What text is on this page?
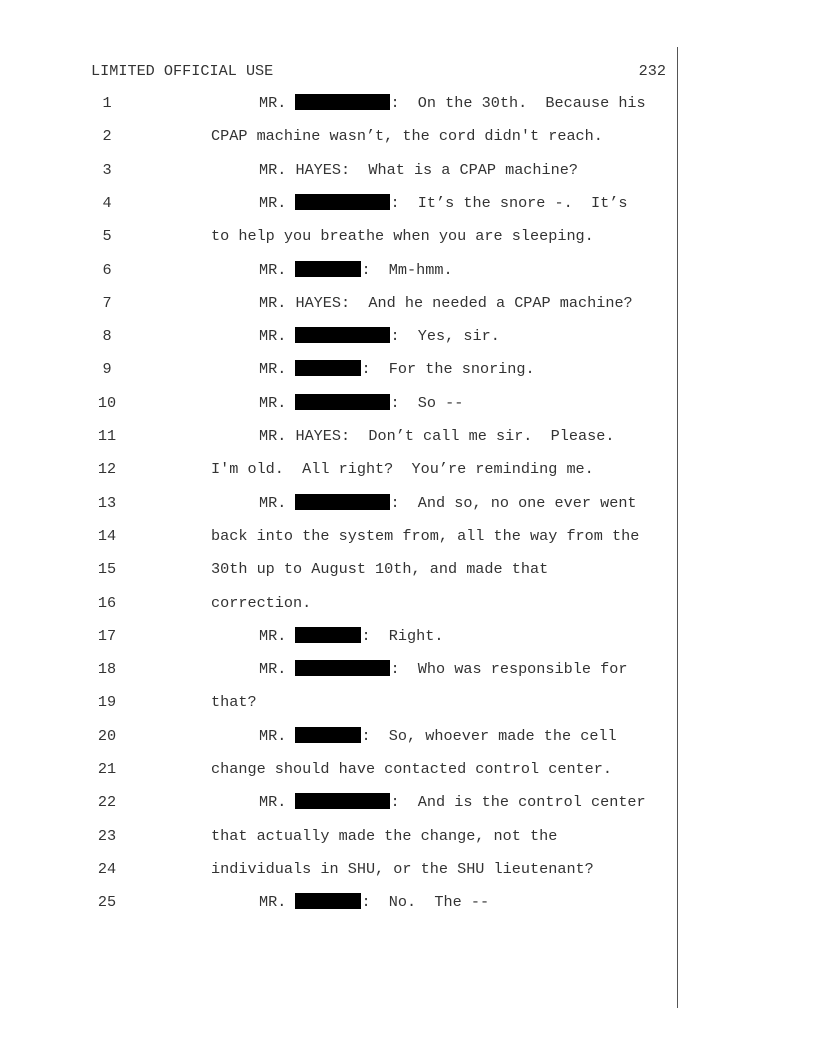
LIMITED OFFICIAL USE	232
1	MR.	:  On the 30th.  Because his
2	CPAP machine wasn’t, the cord didn't reach.
3	MR. HAYES:  What is a CPAP machine?
4	MR.	:  It’s the snore -.  It’s
5	to help you breathe when you are sleeping.
6	MR.	:  Mm-hmm.
7	MR. HAYES:  And he needed a CPAP machine?
8	MR.	:  Yes, sir.
9	MR.	:  For the snoring.
10	MR.	:  So --
11	MR. HAYES:  Don’t call me sir.  Please.
12	I'm old.  All right?  You’re reminding me.
13	MR.	:  And so, no one ever went
14	back into the system from, all the way from the
15	30th up to August 10th, and made that
16	correction.
17	MR.	:  Right.
18	MR.	:  Who was responsible for
19	that?
20	MR.	:  So, whoever made the cell
21	change should have contacted control center.
22	MR.	:  And is the control center
23	that actually made the change, not the
24	individuals in SHU, or the SHU lieutenant?
25	MR.	:  No.  The --
